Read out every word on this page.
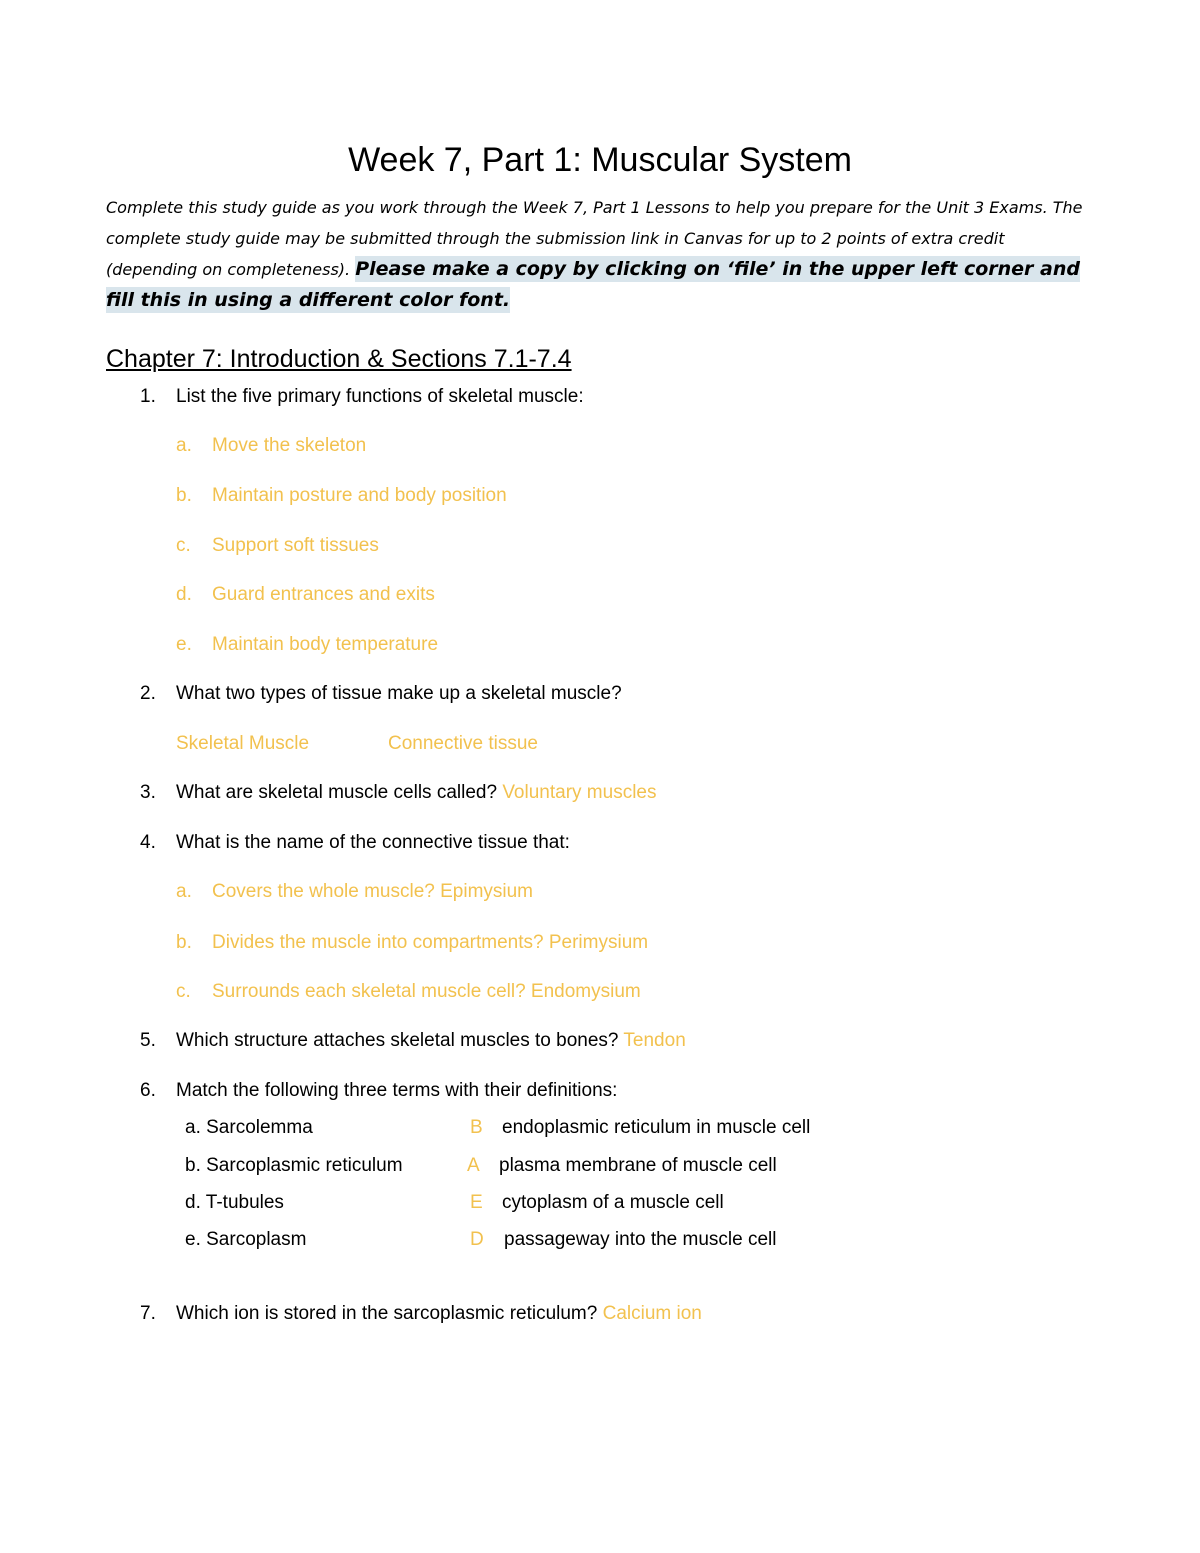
Week 7, Part 1: Muscular System
Complete this study guide as you work through the Week 7, Part 1 Lessons to help you prepare for the Unit 3 Exams. The complete study guide may be submitted through the submission link in Canvas for up to 2 points of extra credit (depending on completeness). Please make a copy by clicking on ‘file’ in the upper left corner and fill this in using a different color font.
Chapter 7: Introduction & Sections 7.1-7.4
1. List the five primary functions of skeletal muscle:
a. Move the skeleton
b. Maintain posture and body position
c. Support soft tissues
d. Guard entrances and exits
e. Maintain body temperature
2. What two types of tissue make up a skeletal muscle?
Skeletal Muscle	Connective tissue
3. What are skeletal muscle cells called? Voluntary muscles
4. What is the name of the connective tissue that:
a. Covers the whole muscle? Epimysium
b. Divides the muscle into compartments? Perimysium
c. Surrounds each skeletal muscle cell? Endomysium
5. Which structure attaches skeletal muscles to bones? Tendon
6. Match the following three terms with their definitions:
a. Sarcolemma	B endoplasmic reticulum in muscle cell
b. Sarcoplasmic reticulum	A plasma membrane of muscle cell
d. T-tubules	E cytoplasm of a muscle cell
e. Sarcoplasm	D passageway into the muscle cell
7. Which ion is stored in the sarcoplasmic reticulum? Calcium ion
